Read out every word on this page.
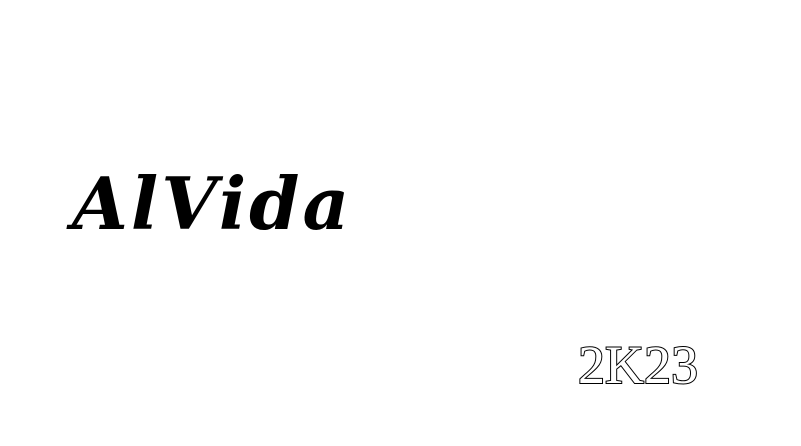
AlVida
2K23
